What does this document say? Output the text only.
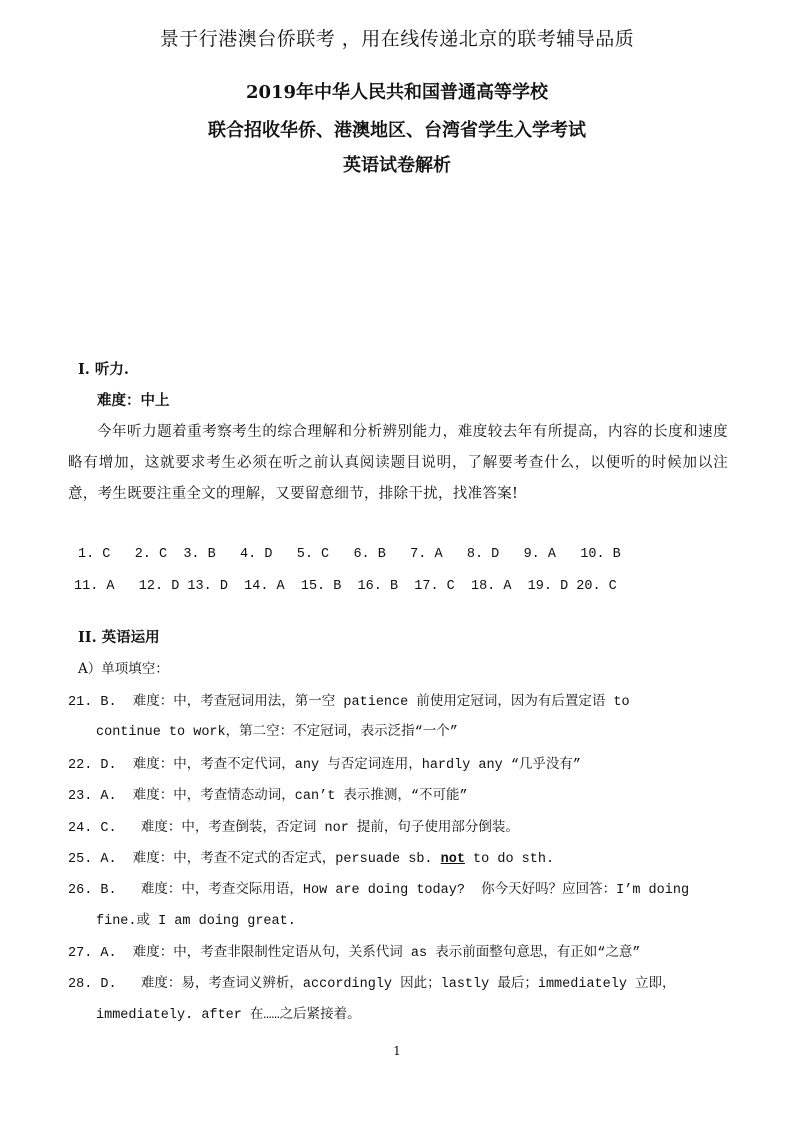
景于行港澳台侨联考 ，用在线传递北京的联考辅导品质
2019年中华人民共和国普通高等学校
联合招收华侨、港澳地区、台湾省学生入学考试
英语试卷解析
I. 听力.
难度：中上
今年听力题着重考察考生的综合理解和分析辨别能力，难度较去年有所提高，内容的长度和速度略有增加，这就要求考生必须在听之前认真阅读题目说明，了解要考查什么，以便听的时候加以注意，考生既要注重全文的理解，又要留意细节，排除干扰，找准答案!
1. C   2. C  3. B   4. D   5. C   6. B   7. A   8. D   9. A   10. B
11. A   12. D 13. D  14. A  15. B  16. B  17. C  18. A  19. D 20. C
II. 英语运用
A）单项填空：
21. B.  难度：中，考查冠词用法，第一空 patience 前使用定冠词，因为有后置定语 to
continue to work，第二空：不定冠词，表示泛指“一个”
22. D.  难度：中，考查不定代词，any 与否定词连用，hardly any “几乎没有”
23. A.  难度：中，考查情态动词，can’t 表示推测，“不可能”
24. C.   难度：中，考查倒装，否定词 nor 提前，句子使用部分倒装。
25. A.  难度：中，考查不定式的否定式，persuade sb. not to do sth.
26. B.   难度：中，考查交际用语，How are doing today?  你今天好吗？应回答：I’m doing
fine.或 I am doing great.
27. A.  难度：中，考查非限制性定语从句，关系代词 as 表示前面整句意思，有正如“之意”
28. D.   难度：易，考查词义辨析，accordingly 因此；lastly 最后；immediately 立即，
immediately. after 在……之后紧接着。
1
